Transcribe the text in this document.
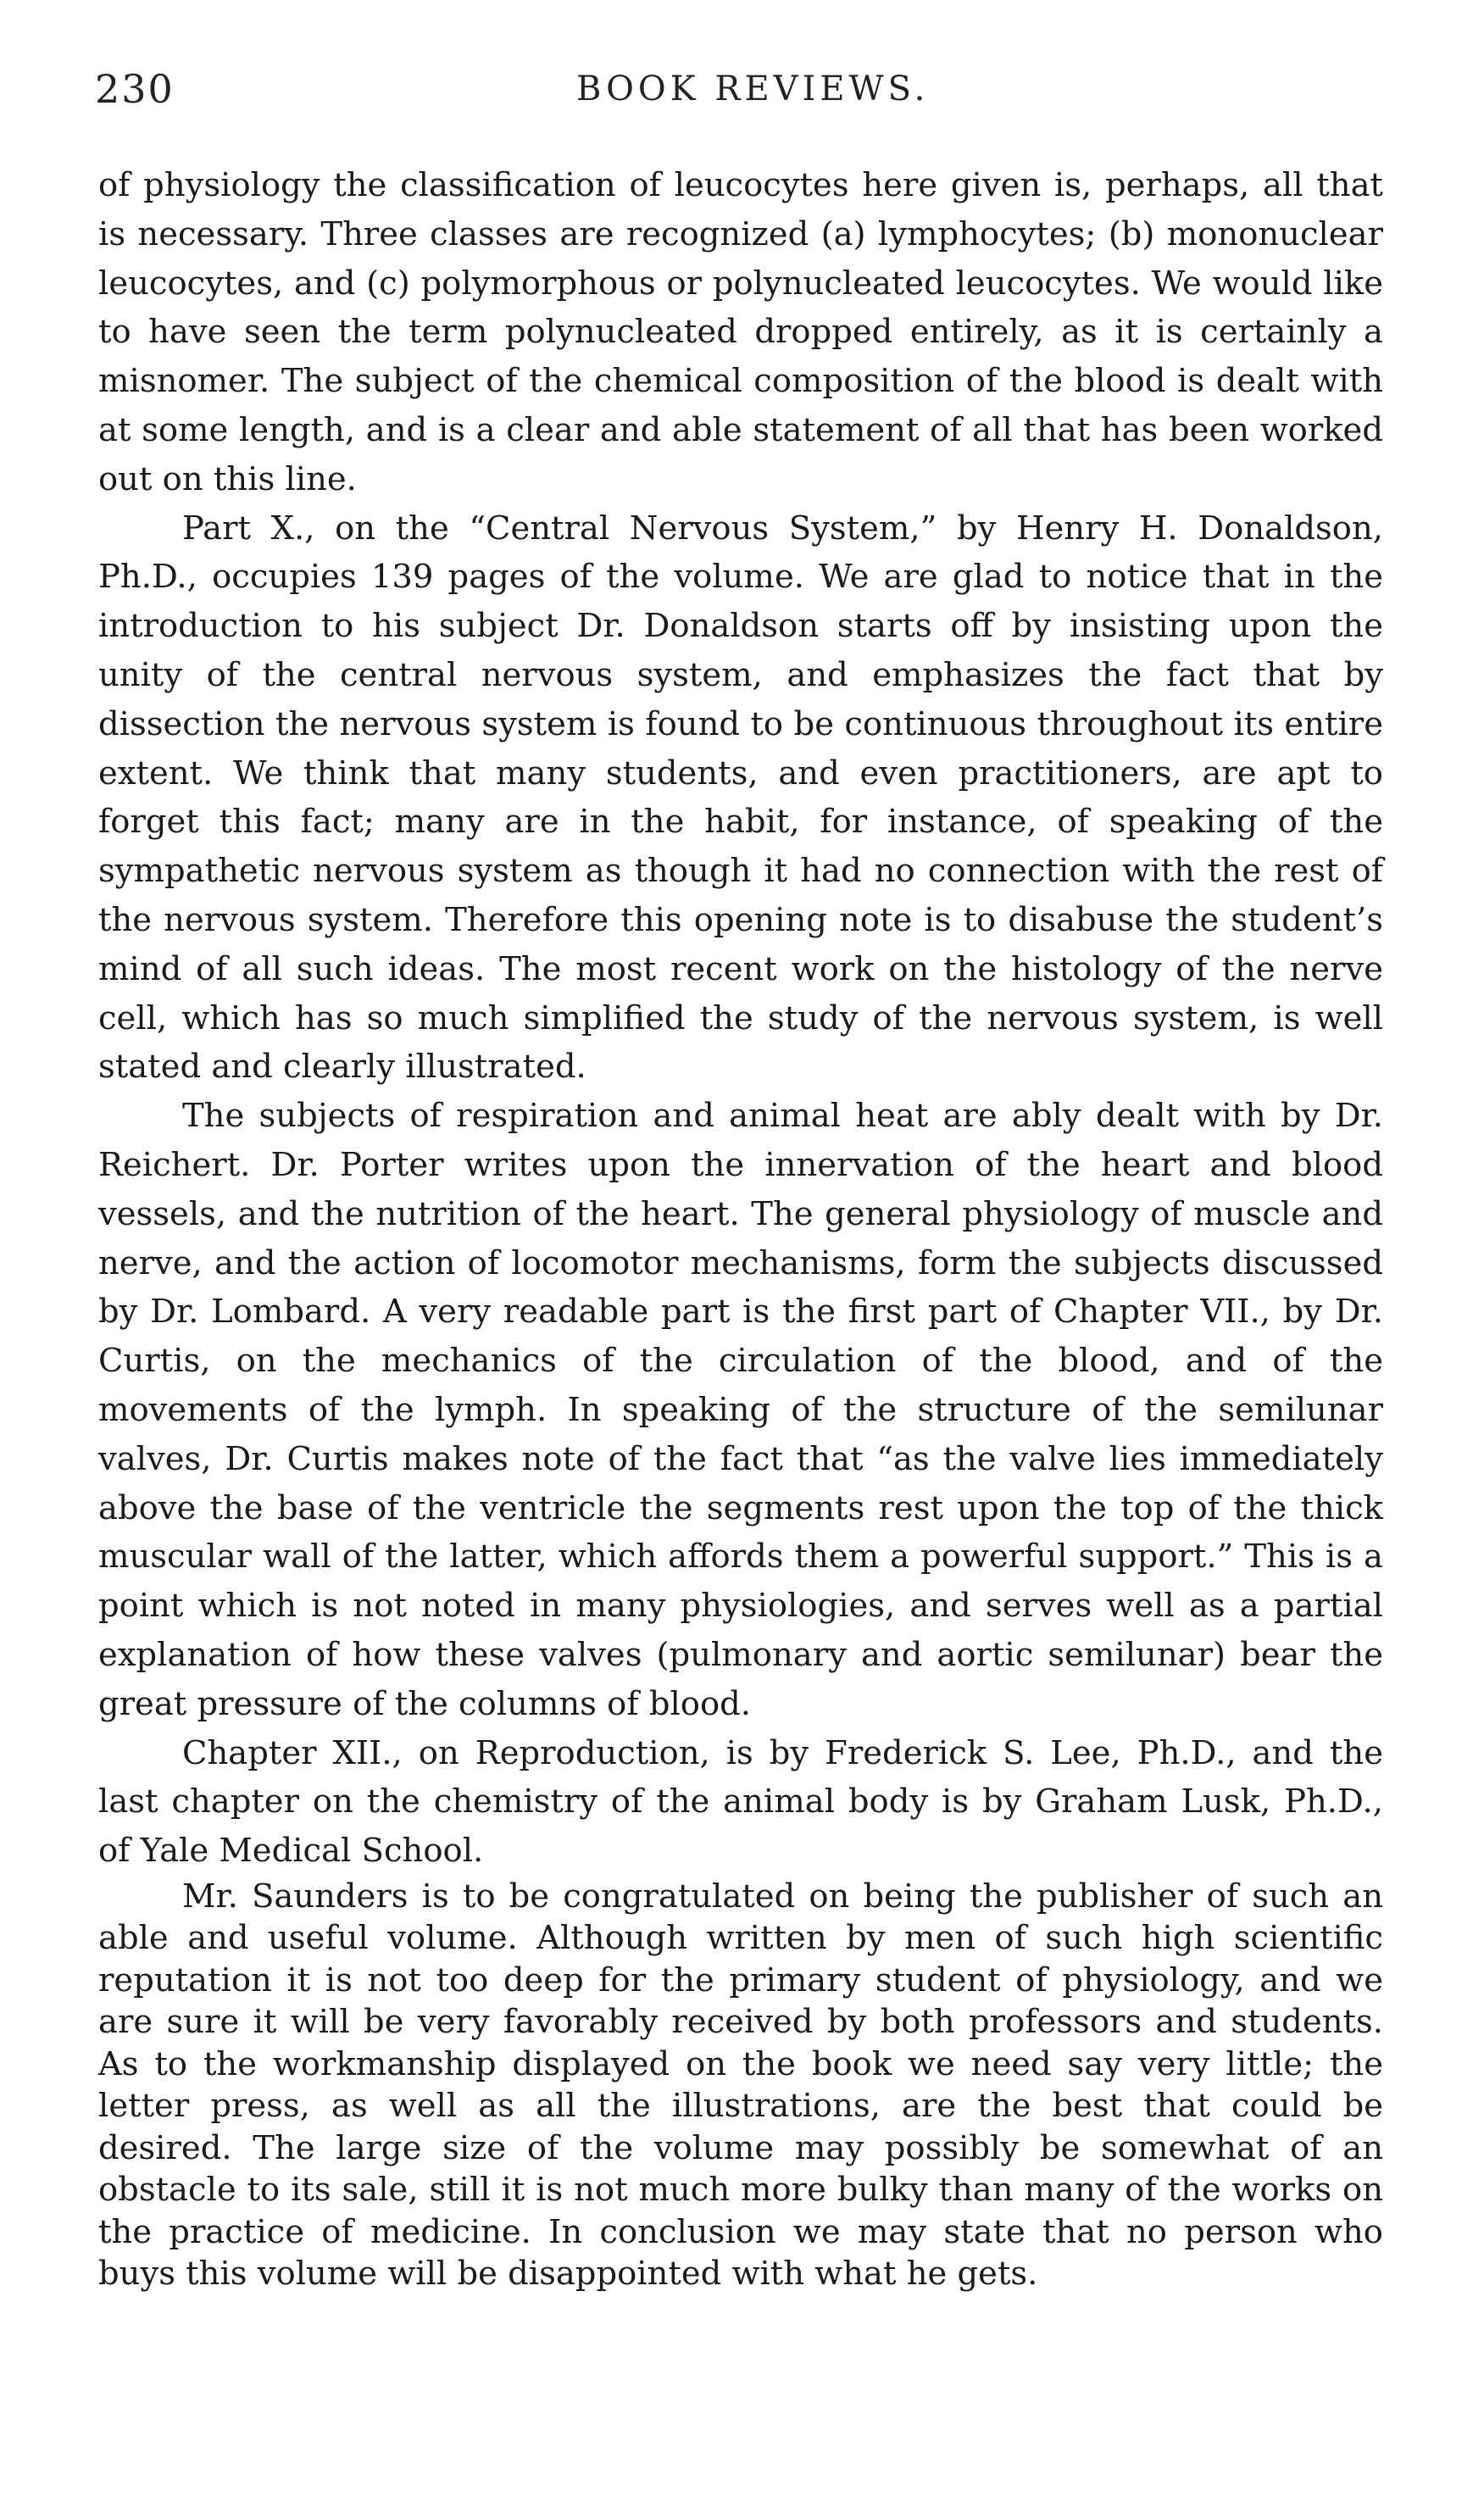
230	BOOK REVIEWS.

of physiology the classification of leucocytes here given is, perhaps, all that is necessary. Three classes are recognized (a) lymphocytes; (b) mononuclear leucocytes, and (c) polymorphous or polynucleated leucocytes. We would like to have seen the term polynucleated dropped entirely, as it is certainly a misnomer. The subject of the chemical composition of the blood is dealt with at some length, and is a clear and able statement of all that has been worked out on this line.

Part X., on the “Central Nervous System,” by Henry H. Donaldson, Ph.D., occupies 139 pages of the volume. We are glad to notice that in the introduction to his subject Dr. Donaldson starts off by insisting upon the unity of the central nervous system, and emphasizes the fact that by dissection the nervous system is found to be continuous throughout its entire extent. We think that many students, and even practitioners, are apt to forget this fact; many are in the habit, for instance, of speaking of the sympathetic nervous system as though it had no connection with the rest of the nervous system. Therefore this opening note is to disabuse the student’s mind of all such ideas. The most recent work on the histology of the nerve cell, which has so much simplified the study of the nervous system, is well stated and clearly illustrated.

The subjects of respiration and animal heat are ably dealt with by Dr. Reichert. Dr. Porter writes upon the innervation of the heart and blood vessels, and the nutrition of the heart. The general physiology of muscle and nerve, and the action of locomotor mechanisms, form the subjects discussed by Dr. Lombard. A very readable part is the first part of Chapter VII., by Dr. Curtis, on the mechanics of the circulation of the blood, and of the movements of the lymph. In speaking of the structure of the semilunar valves, Dr. Curtis makes note of the fact that “as the valve lies immediately above the base of the ventricle the segments rest upon the top of the thick muscular wall of the latter, which affords them a powerful support.” This is a point which is not noted in many physiologies, and serves well as a partial explanation of how these valves (pulmonary and aortic semilunar) bear the great pressure of the columns of blood.

Chapter XII., on Reproduction, is by Frederick S. Lee, Ph.D., and the last chapter on the chemistry of the animal body is by Graham Lusk, Ph.D., of Yale Medical School.

Mr. Saunders is to be congratulated on being the publisher of such an able and useful volume. Although written by men of such high scientific reputation it is not too deep for the primary student of physiology, and we are sure it will be very favorably received by both professors and students. As to the workmanship displayed on the book we need say very little; the letter press, as well as all the illustrations, are the best that could be desired. The large size of the volume may possibly be somewhat of an obstacle to its sale, still it is not much more bulky than many of the works on the practice of medicine. In conclusion we may state that no person who buys this volume will be disappointed with what he gets.
